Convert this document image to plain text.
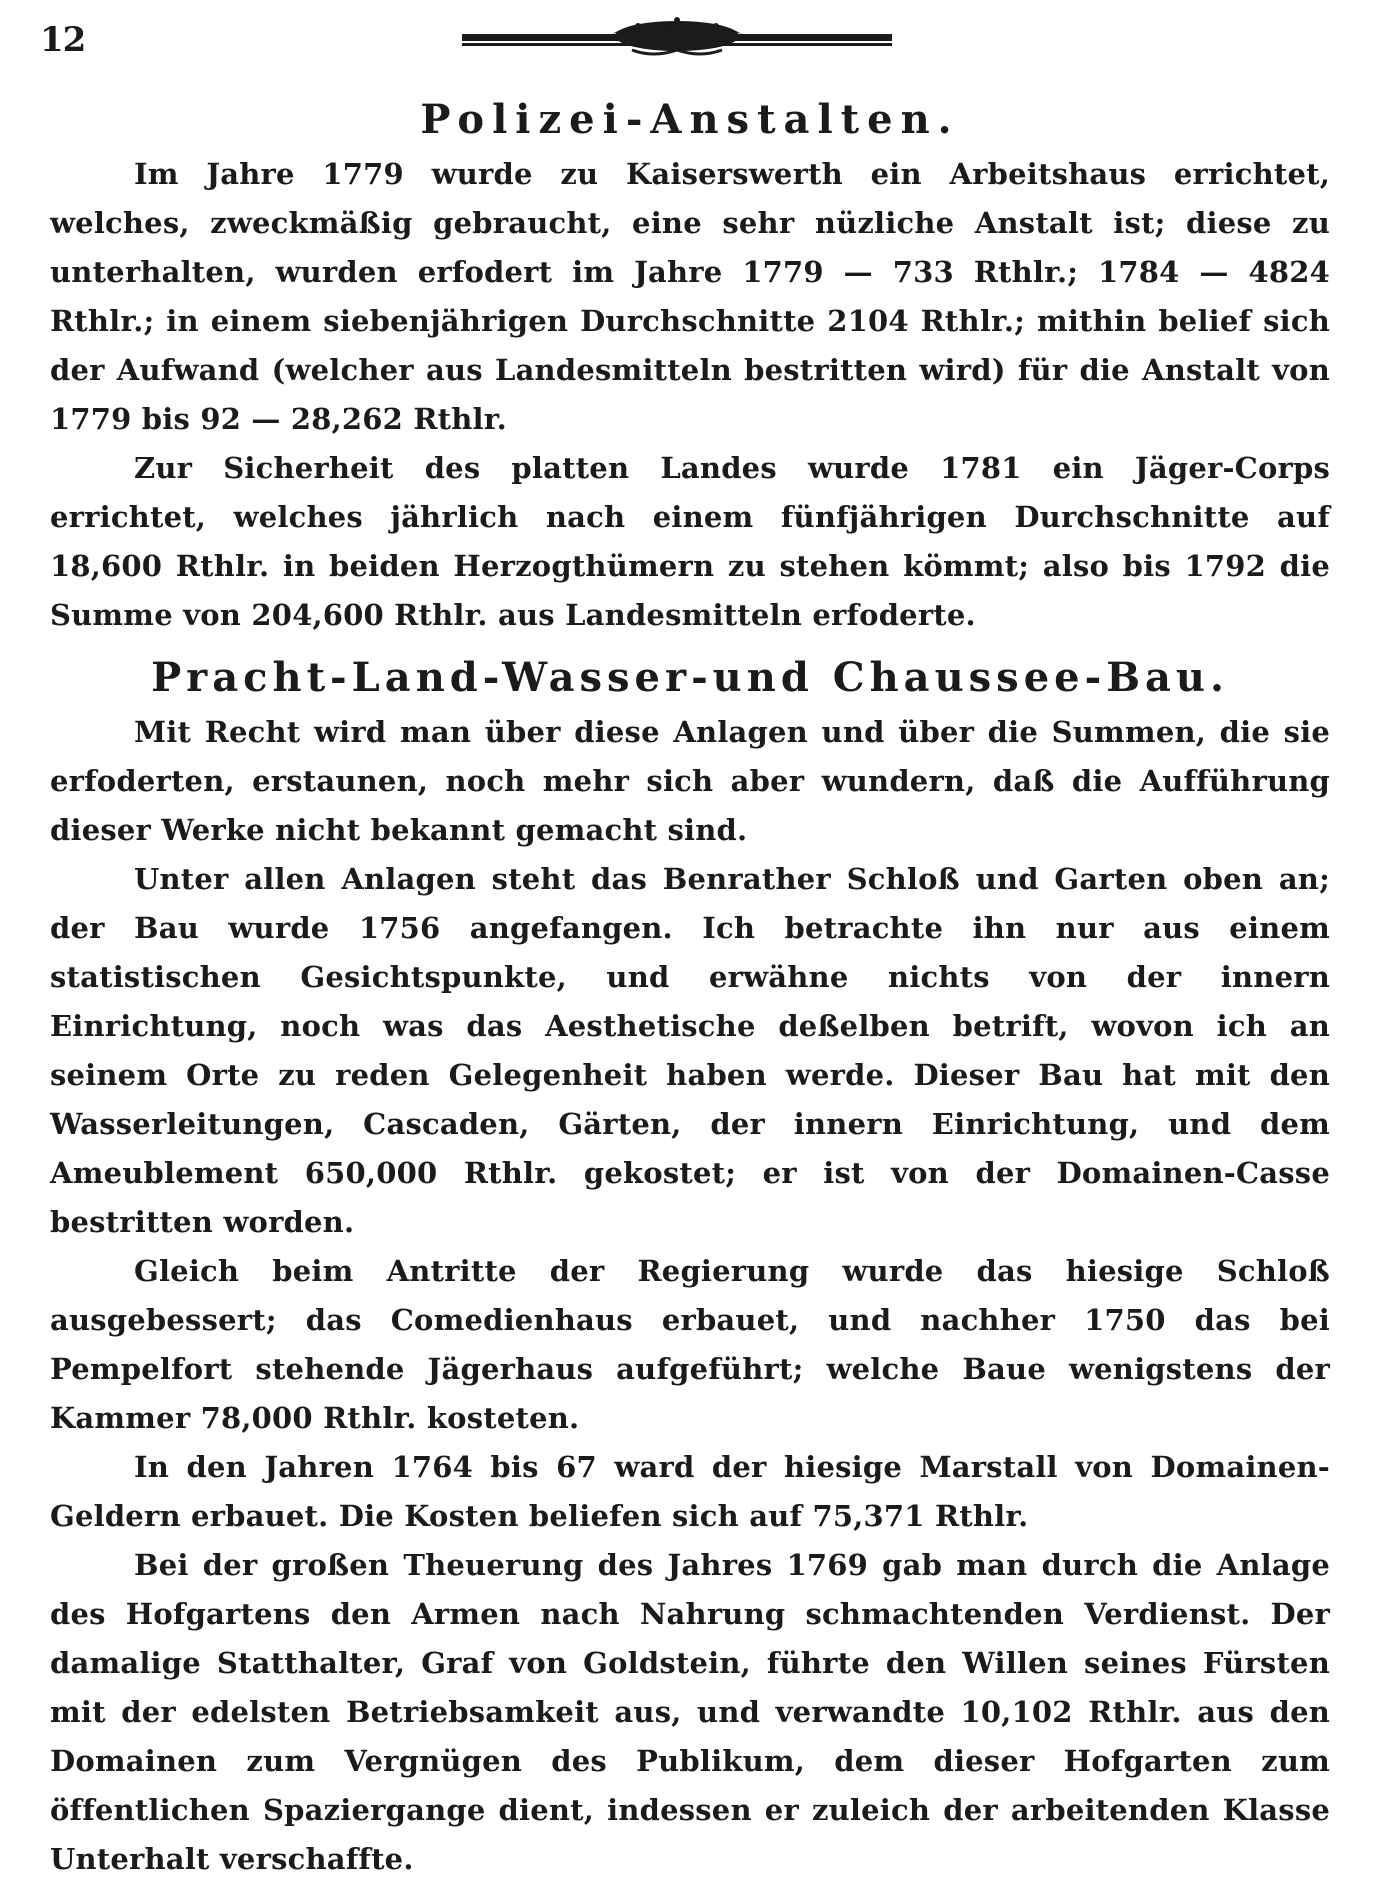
12
Polizei-Anstalten.

Im Jahre 1779 wurde zu Kaiserswerth ein Arbeitshaus errichtet, welches, zweckmäßig gebraucht, eine sehr nüzliche Anstalt ist; diese zu unterhalten, wurden erfodert im Jahre 1779 — 733 Rthlr.; 1784 — 4824 Rthlr.; in einem siebenjährigen Durchschnitte 2104 Rthlr.; mithin belief sich der Aufwand (welcher aus Landesmitteln bestritten wird) für die Anstalt von 1779 bis 92 — 28,262 Rthlr.

Zur Sicherheit des platten Landes wurde 1781 ein Jäger-Corps errichtet, welches jährlich nach einem fünfjährigen Durchschnitte auf 18,600 Rthlr. in beiden Herzogthümern zu stehen kömmt; also bis 1792 die Summe von 204,600 Rthlr. aus Landesmitteln erfoderte.

Pracht-Land-Wasser-und Chaussee-Bau.

Mit Recht wird man über diese Anlagen und über die Summen, die sie erfoderten, erstaunen, noch mehr sich aber wundern, daß die Aufführung dieser Werke nicht bekannt gemacht sind.

Unter allen Anlagen steht das Benrather Schloß und Garten oben an; der Bau wurde 1756 angefangen. Ich betrachte ihn nur aus einem statistischen Gesichtspunkte, und erwähne nichts von der innern Einrichtung, noch was das Aesthetische deßelben betrift, wovon ich an seinem Orte zu reden Gelegenheit haben werde. Dieser Bau hat mit den Wasserleitungen, Cascaden, Gärten, der innern Einrichtung, und dem Ameublement 650,000 Rthlr. gekostet; er ist von der Domainen-Casse bestritten worden.

Gleich beim Antritte der Regierung wurde das hiesige Schloß ausgebessert; das Comedienhaus erbauet, und nachher 1750 das bei Pempelfort stehende Jägerhaus aufgeführt; welche Baue wenigstens der Kammer 78,000 Rthlr. kosteten.

In den Jahren 1764 bis 67 ward der hiesige Marstall von Domainen-Geldern erbauet. Die Kosten beliefen sich auf 75,371 Rthlr.

Bei der großen Theuerung des Jahres 1769 gab man durch die Anlage des Hofgartens den Armen nach Nahrung schmachtenden Verdienst. Der damalige Statthalter, Graf von Goldstein, führte den Willen seines Fürsten mit der edelsten Betriebsamkeit aus, und verwandte 10,102 Rthlr. aus den Domainen zum Vergnügen des Publikum, dem dieser Hofgarten zum öffentlichen Spaziergange dient, indessen er zuleich der arbeitenden Klasse Unterhalt verschaffte.
